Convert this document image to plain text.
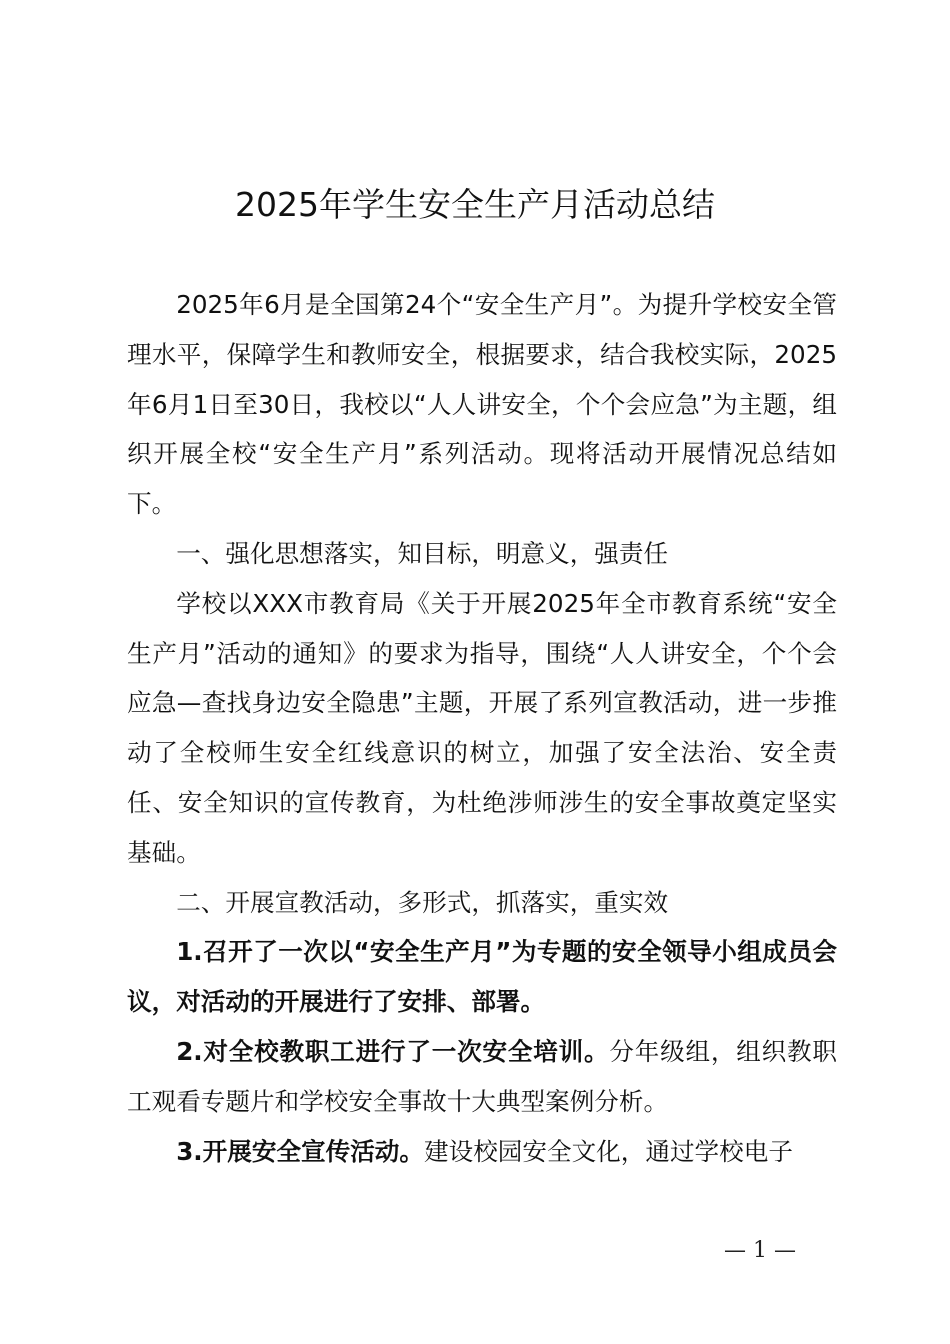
2025年学生安全生产月活动总结

2025年6月是全国第24个“安全生产月”。为提升学校安全管理水平，保障学生和教师安全，根据要求，结合我校实际，2025年6月1日至30日，我校以“人人讲安全，个个会应急”为主题，组织开展全校“安全生产月”系列活动。现将活动开展情况总结如下。

一、强化思想落实，知目标，明意义，强责任

学校以XXX市教育局《关于开展2025年全市教育系统“安全生产月”活动的通知》的要求为指导，围绕“人人讲安全，个个会应急—查找身边安全隐患”主题，开展了系列宣教活动，进一步推动了全校师生安全红线意识的树立，加强了安全法治、安全责任、安全知识的宣传教育，为杜绝涉师涉生的安全事故奠定坚实基础。

二、开展宣教活动，多形式，抓落实，重实效

1.召开了一次以“安全生产月”为专题的安全领导小组成员会议，对活动的开展进行了安排、部署。

2.对全校教职工进行了一次安全培训。分年级组，组织教职工观看专题片和学校安全事故十大典型案例分析。

3.开展安全宣传活动。建设校园安全文化，通过学校电子

— 1 —
